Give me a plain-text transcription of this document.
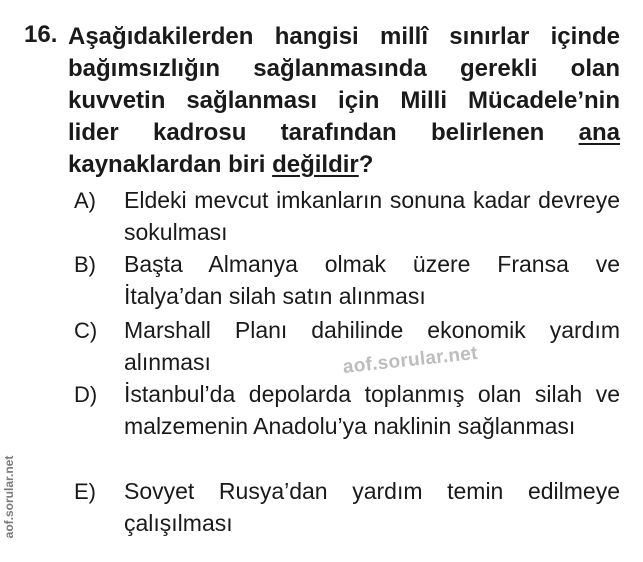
16. Aşağıdakilerden hangisi millî sınırlar içinde bağımsızlığın sağlanmasında gerekli olan kuvvetin sağlanması için Milli Mücadele’nin lider kadrosu tarafından belirlenen ana kaynaklardan biri değildir?
A) Eldeki mevcut imkanların sonuna kadar devreye sokulması
B) Başta Almanya olmak üzere Fransa ve İtalya’dan silah satın alınması
C) Marshall Planı dahilinde ekonomik yardım alınması
D) İstanbul’da depolarda toplanmış olan silah ve malzemenin Anadolu’ya naklinin sağlanması
E) Sovyet Rusya’dan yardım temin edilmeye çalışılması
aof.sorular.net
aof.sorular.net
